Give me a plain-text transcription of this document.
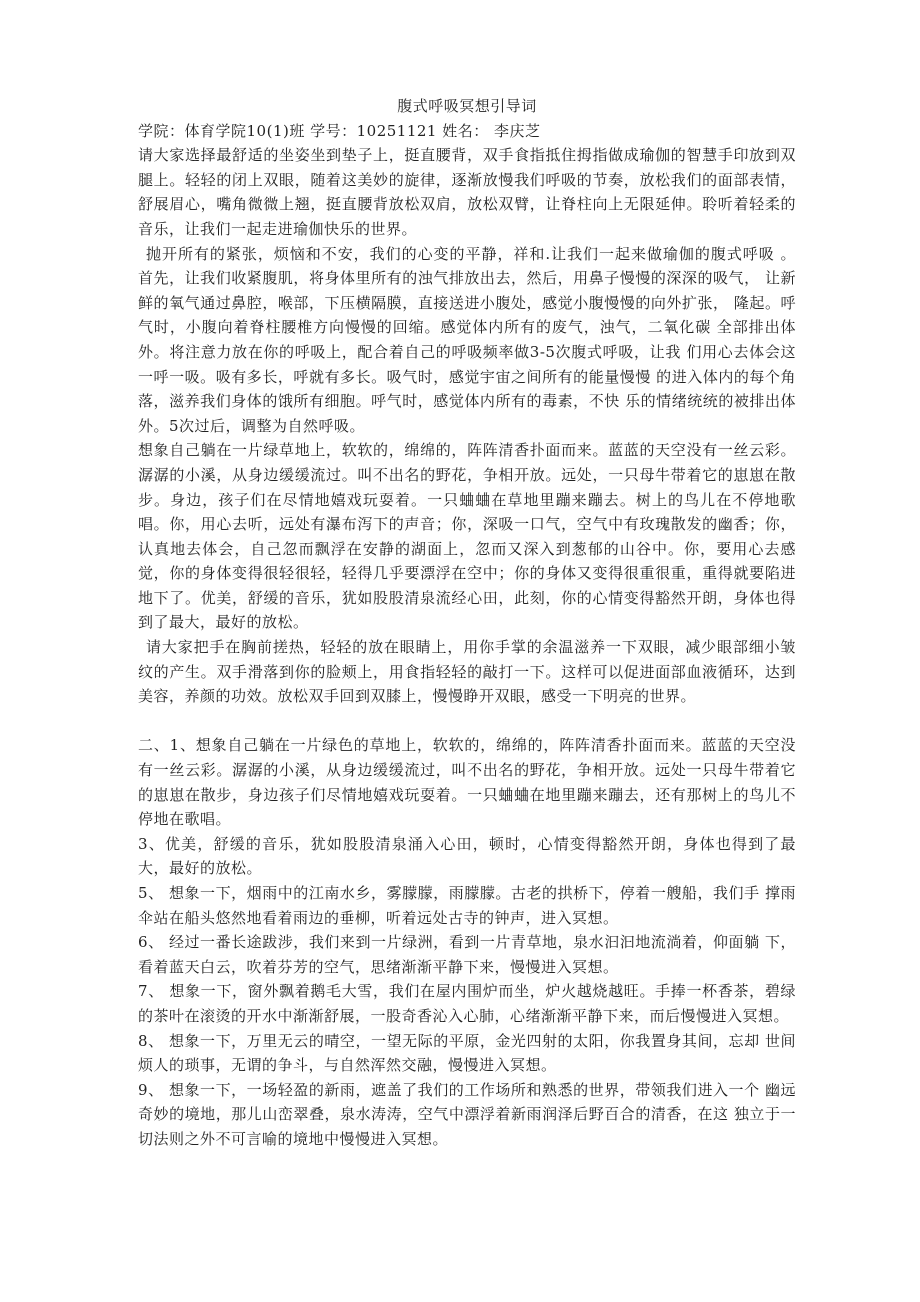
腹式呼吸冥想引导词

学院：体育学院10(1)班 学号：10251121 姓名： 李庆芝

请大家选择最舒适的坐姿坐到垫子上，挺直腰背，双手食指抵住拇指做成瑜伽的智慧手印放到双腿上。轻轻的闭上双眼，随着这美妙的旋律，逐渐放慢我们呼吸的节奏，放松我们的面部表情，舒展眉心，嘴角微微上翘，挺直腰背放松双肩，放松双臂，让脊柱向上无限延伸。聆听着轻柔的音乐，让我们一起走进瑜伽快乐的世界。

抛开所有的紧张，烦恼和不安，我们的心变的平静，祥和.让我们一起来做瑜伽的腹式呼吸 。 首先，让我们收紧腹肌，将身体里所有的浊气排放出去，然后，用鼻子慢慢的深深的吸气， 让新鲜的氧气通过鼻腔，喉部，下压横隔膜，直接送进小腹处，感觉小腹慢慢的向外扩张， 隆起。呼气时，小腹向着脊柱腰椎方向慢慢的回缩。感觉体内所有的废气，浊气，二氧化碳 全部排出体外。将注意力放在你的呼吸上，配合着自己的呼吸频率做3-5次腹式呼吸，让我 们用心去体会这一呼一吸。吸有多长，呼就有多长。吸气时，感觉宇宙之间所有的能量慢慢 的进入体内的每个角落，滋养我们身体的饿所有细胞。呼气时，感觉体内所有的毒素，不快 乐的情绪统统的被排出体外。5次过后，调整为自然呼吸。

想象自己躺在一片绿草地上，软软的，绵绵的，阵阵清香扑面而来。蓝蓝的天空没有一丝云彩。潺潺的小溪，从身边缓缓流过。叫不出名的野花，争相开放。远处，一只母牛带着它的崽崽在散步。身边，孩子们在尽情地嬉戏玩耍着。一只蛐蛐在草地里蹦来蹦去。树上的鸟儿在不停地歌唱。你，用心去听，远处有瀑布泻下的声音；你，深吸一口气，空气中有玫瑰散发的幽香；你，认真地去体会，自己忽而飘浮在安静的湖面上，忽而又深入到葱郁的山谷中。你，要用心去感觉，你的身体变得很轻很轻，轻得几乎要漂浮在空中；你的身体又变得很重很重，重得就要陷进地下了。优美，舒缓的音乐，犹如股股清泉流经心田，此刻，你的心情变得豁然开朗，身体也得到了最大，最好的放松。

请大家把手在胸前搓热，轻轻的放在眼睛上，用你手掌的余温滋养一下双眼，减少眼部细小皱纹的产生。双手滑落到你的脸颊上，用食指轻轻的敲打一下。这样可以促进面部血液循环，达到美容，养颜的功效。放松双手回到双膝上，慢慢睁开双眼，感受一下明亮的世界。

二、1、想象自己躺在一片绿色的草地上，软软的，绵绵的，阵阵清香扑面而来。蓝蓝的天空没有一丝云彩。潺潺的小溪，从身边缓缓流过，叫不出名的野花，争相开放。远处一只母牛带着它的崽崽在散步，身边孩子们尽情地嬉戏玩耍着。一只蛐蛐在地里蹦来蹦去，还有那树上的鸟儿不停地在歌唱。

3、优美，舒缓的音乐，犹如股股清泉涌入心田，顿时，心情变得豁然开朗，身体也得到了最大，最好的放松。

5、 想象一下，烟雨中的江南水乡，雾朦朦，雨朦朦。古老的拱桥下，停着一艘船，我们手 撑雨伞站在船头悠然地看着雨边的垂柳，听着远处古寺的钟声，进入冥想。

6、 经过一番长途跋涉，我们来到一片绿洲，看到一片青草地，泉水汩汩地流淌着，仰面躺 下，看着蓝天白云，吹着芬芳的空气，思绪渐渐平静下来，慢慢进入冥想。

7、 想象一下，窗外飘着鹅毛大雪，我们在屋内围炉而坐，炉火越烧越旺。手捧一杯香茶，碧绿的茶叶在滚烫的开水中渐渐舒展，一股奇香沁入心肺，心绪渐渐平静下来，而后慢慢进入冥想。

8、 想象一下，万里无云的晴空，一望无际的平原，金光四射的太阳，你我置身其间，忘却 世间烦人的琐事，无谓的争斗，与自然浑然交融，慢慢进入冥想。

9、 想象一下，一场轻盈的新雨，遮盖了我们的工作场所和熟悉的世界，带领我们进入一个 幽远奇妙的境地，那儿山峦翠叠，泉水涛涛，空气中漂浮着新雨润泽后野百合的清香，在这 独立于一切法则之外不可言喻的境地中慢慢进入冥想。
